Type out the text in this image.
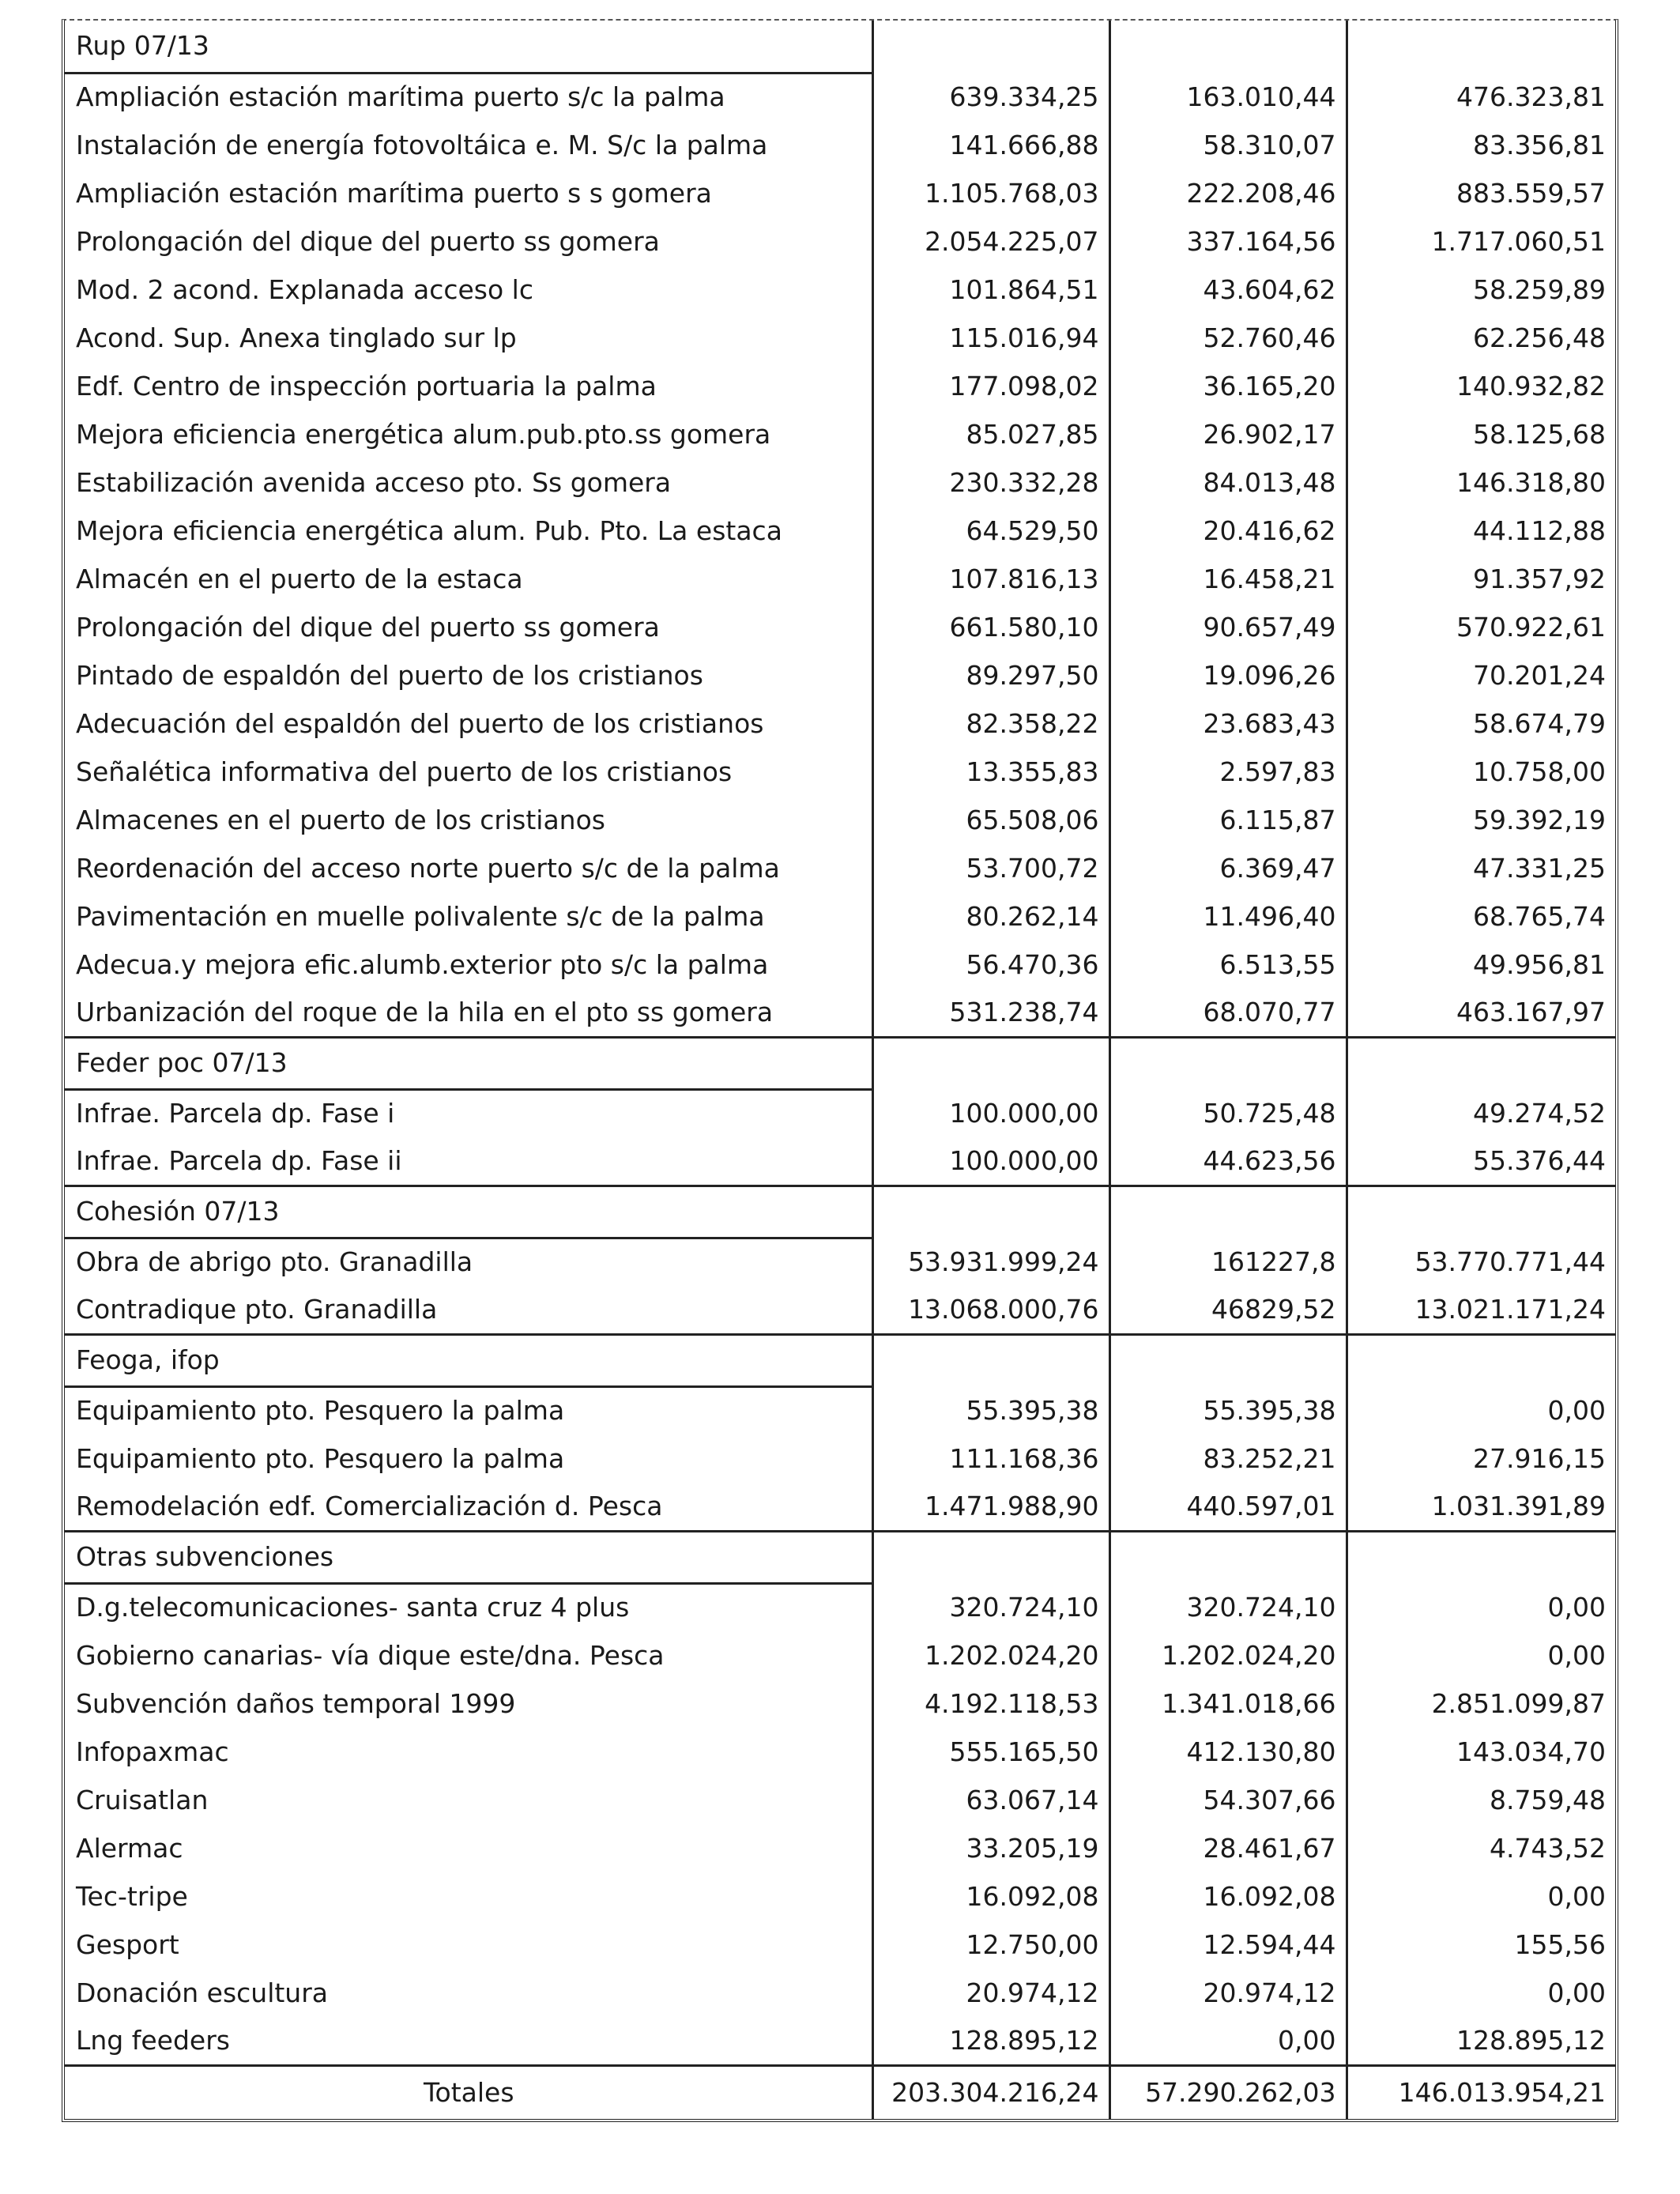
Rup 07/13			
Ampliación estación marítima puerto s/c la palma	639.334,25	163.010,44	476.323,81
Instalación de energía fotovoltáica e. M. S/c la palma	141.666,88	58.310,07	83.356,81
Ampliación estación marítima puerto s s gomera	1.105.768,03	222.208,46	883.559,57
Prolongación del dique del puerto ss gomera	2.054.225,07	337.164,56	1.717.060,51
Mod. 2 acond. Explanada acceso lc	101.864,51	43.604,62	58.259,89
Acond. Sup. Anexa tinglado sur lp	115.016,94	52.760,46	62.256,48
Edf. Centro de inspección portuaria la palma	177.098,02	36.165,20	140.932,82
Mejora eficiencia energética alum.pub.pto.ss gomera	85.027,85	26.902,17	58.125,68
Estabilización avenida acceso pto. Ss gomera	230.332,28	84.013,48	146.318,80
Mejora eficiencia energética alum. Pub. Pto. La estaca	64.529,50	20.416,62	44.112,88
Almacén en el puerto de la estaca	107.816,13	16.458,21	91.357,92
Prolongación del dique del puerto ss gomera	661.580,10	90.657,49	570.922,61
Pintado de espaldón del puerto de los cristianos	89.297,50	19.096,26	70.201,24
Adecuación del espaldón del puerto de los cristianos	82.358,22	23.683,43	58.674,79
Señalética informativa del puerto de los cristianos	13.355,83	2.597,83	10.758,00
Almacenes en el puerto de los cristianos	65.508,06	6.115,87	59.392,19
Reordenación del acceso norte puerto s/c de la palma	53.700,72	6.369,47	47.331,25
Pavimentación en muelle polivalente s/c de la palma	80.262,14	11.496,40	68.765,74
Adecua.y mejora efic.alumb.exterior pto s/c la palma	56.470,36	6.513,55	49.956,81
Urbanización del roque de la hila en el pto ss gomera	531.238,74	68.070,77	463.167,97
Feder poc 07/13			
Infrae. Parcela dp. Fase i	100.000,00	50.725,48	49.274,52
Infrae. Parcela dp. Fase ii	100.000,00	44.623,56	55.376,44
Cohesión 07/13			
Obra de abrigo pto. Granadilla	53.931.999,24	161227,8	53.770.771,44
Contradique pto. Granadilla	13.068.000,76	46829,52	13.021.171,24
Feoga, ifop			
Equipamiento pto. Pesquero la palma	55.395,38	55.395,38	0,00
Equipamiento pto. Pesquero la palma	111.168,36	83.252,21	27.916,15
Remodelación edf. Comercialización d. Pesca	1.471.988,90	440.597,01	1.031.391,89
Otras subvenciones			
D.g.telecomunicaciones- santa cruz 4 plus	320.724,10	320.724,10	0,00
Gobierno canarias- vía dique este/dna. Pesca	1.202.024,20	1.202.024,20	0,00
Subvención daños temporal 1999	4.192.118,53	1.341.018,66	2.851.099,87
Infopaxmac	555.165,50	412.130,80	143.034,70
Cruisatlan	63.067,14	54.307,66	8.759,48
Alermac	33.205,19	28.461,67	4.743,52
Tec-tripe	16.092,08	16.092,08	0,00
Gesport	12.750,00	12.594,44	155,56
Donación escultura	20.974,12	20.974,12	0,00
Lng feeders	128.895,12	0,00	128.895,12
Totales	203.304.216,24	57.290.262,03	146.013.954,21
